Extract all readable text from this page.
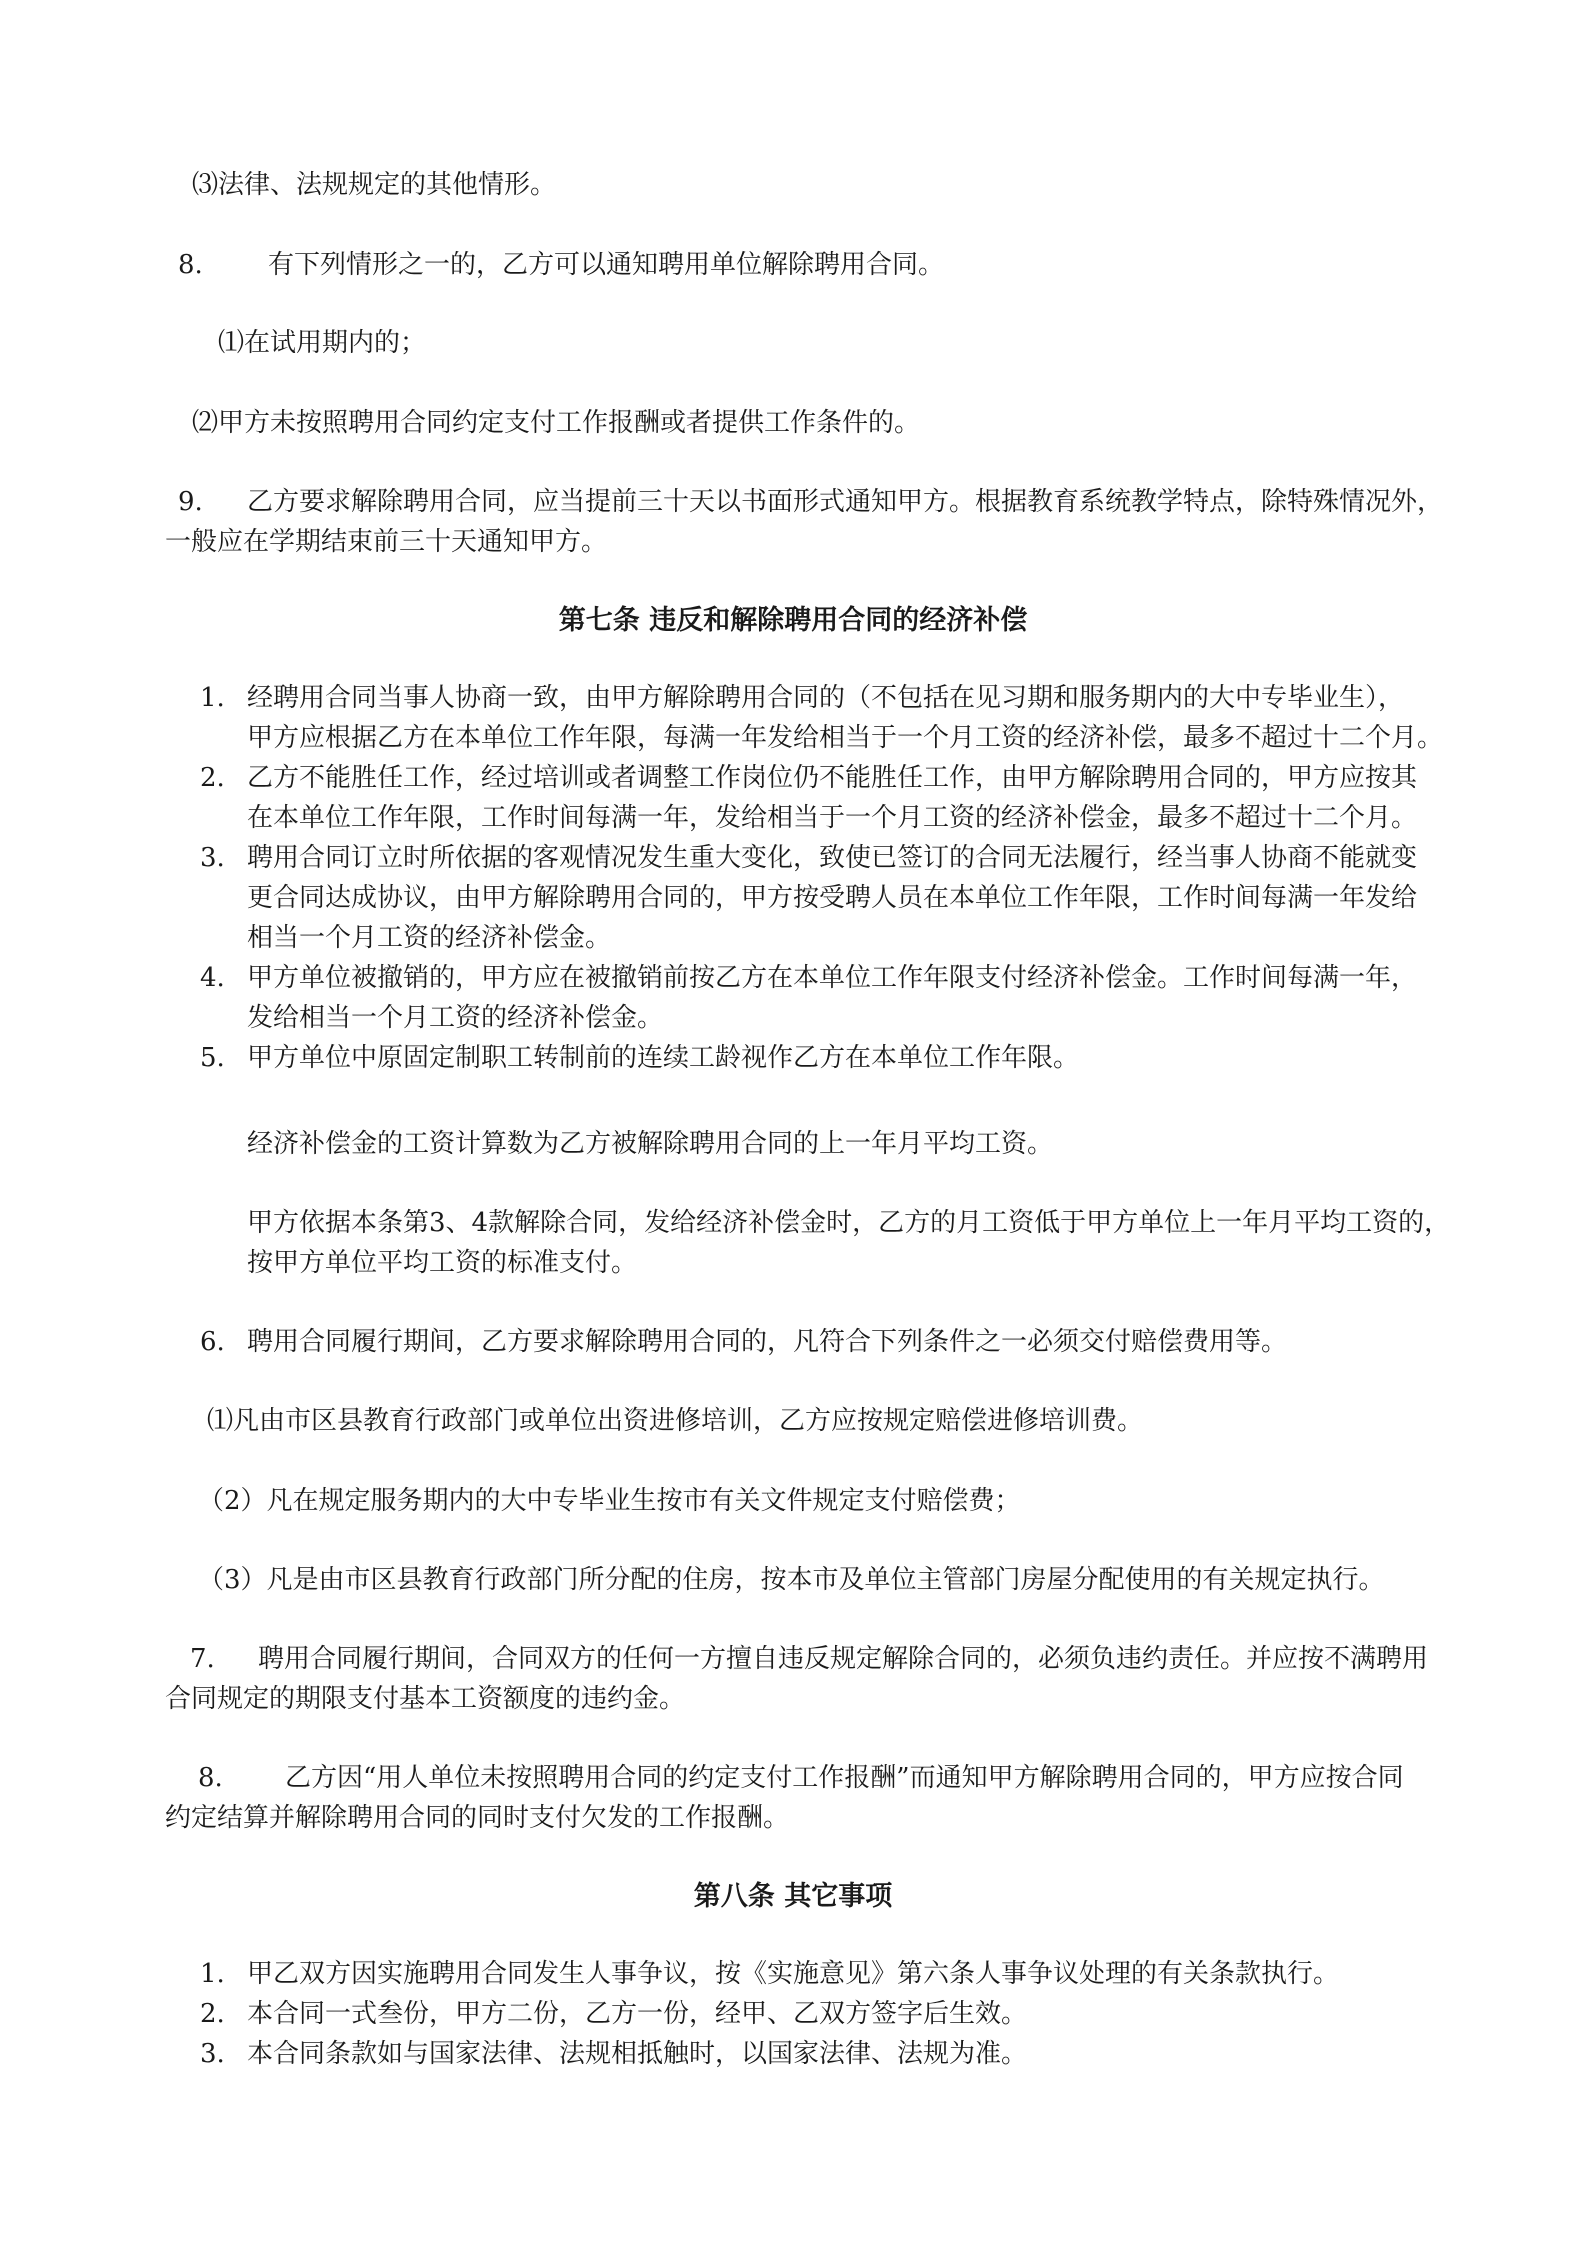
⑶法律、法规规定的其他情形。
8.	有下列情形之一的，乙方可以通知聘用单位解除聘用合同。
⑴在试用期内的；
⑵甲方未按照聘用合同约定支付工作报酬或者提供工作条件的。
9. 乙方要求解除聘用合同，应当提前三十天以书面形式通知甲方。根据教育系统教学特点，除特殊情况外，
一般应在学期结束前三十天通知甲方。
第七条 违反和解除聘用合同的经济补偿
1. 经聘用合同当事人协商一致，由甲方解除聘用合同的（不包括在见习期和服务期内的大中专毕业生），
甲方应根据乙方在本单位工作年限，每满一年发给相当于一个月工资的经济补偿，最多不超过十二个月。
2. 乙方不能胜任工作，经过培训或者调整工作岗位仍不能胜任工作，由甲方解除聘用合同的，甲方应按其
在本单位工作年限，工作时间每满一年，发给相当于一个月工资的经济补偿金，最多不超过十二个月。
3. 聘用合同订立时所依据的客观情况发生重大变化，致使已签订的合同无法履行，经当事人协商不能就变
更合同达成协议，由甲方解除聘用合同的，甲方按受聘人员在本单位工作年限，工作时间每满一年发给
相当一个月工资的经济补偿金。
4. 甲方单位被撤销的，甲方应在被撤销前按乙方在本单位工作年限支付经济补偿金。工作时间每满一年，
发给相当一个月工资的经济补偿金。
5. 甲方单位中原固定制职工转制前的连续工龄视作乙方在本单位工作年限。
经济补偿金的工资计算数为乙方被解除聘用合同的上一年月平均工资。
甲方依据本条第3、4款解除合同，发给经济补偿金时，乙方的月工资低于甲方单位上一年月平均工资的，
按甲方单位平均工资的标准支付。
6. 聘用合同履行期间，乙方要求解除聘用合同的，凡符合下列条件之一必须交付赔偿费用等。
⑴凡由市区县教育行政部门或单位出资进修培训，乙方应按规定赔偿进修培训费。
（2）凡在规定服务期内的大中专毕业生按市有关文件规定支付赔偿费；
（3）凡是由市区县教育行政部门所分配的住房，按本市及单位主管部门房屋分配使用的有关规定执行。
7. 聘用合同履行期间，合同双方的任何一方擅自违反规定解除合同的，必须负违约责任。并应按不满聘用
合同规定的期限支付基本工资额度的违约金。
8. 乙方因“用人单位未按照聘用合同的约定支付工作报酬”而通知甲方解除聘用合同的，甲方应按合同
约定结算并解除聘用合同的同时支付欠发的工作报酬。
第八条 其它事项
1. 甲乙双方因实施聘用合同发生人事争议，按《实施意见》第六条人事争议处理的有关条款执行。
2. 本合同一式叁份，甲方二份，乙方一份，经甲、乙双方签字后生效。
3. 本合同条款如与国家法律、法规相抵触时，以国家法律、法规为准。
